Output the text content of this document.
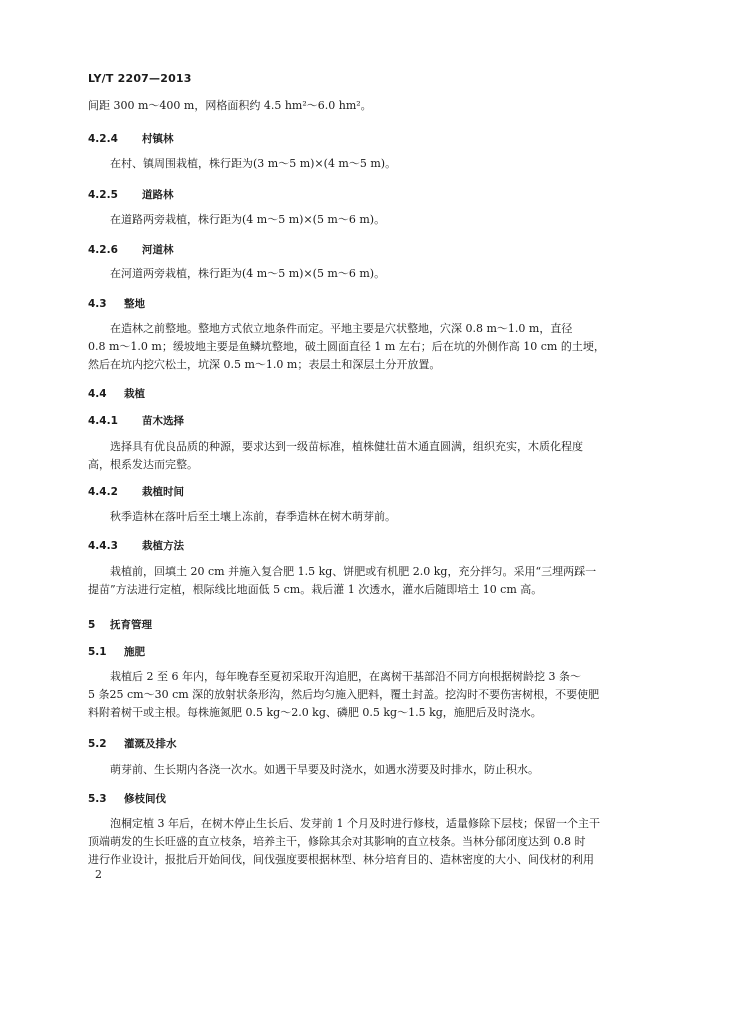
LY/T 2207—2013
间距 300 m～400 m，网格面积约 4.5 hm²～6.0 hm²。
4.2.4 村镇林
在村、镇周围栽植，株行距为(3 m～5 m)×(4 m～5 m)。
4.2.5 道路林
在道路两旁栽植，株行距为(4 m～5 m)×(5 m～6 m)。
4.2.6 河道林
在河道两旁栽植，株行距为(4 m～5 m)×(5 m～6 m)。
4.3 整地
在造林之前整地。整地方式依立地条件而定。平地主要是穴状整地，穴深 0.8 m～1.0 m，直径
0.8 m～1.0 m；缓坡地主要是鱼鳞坑整地，破土圆面直径 1 m 左右；后在坑的外侧作高 10 cm 的土埂，
然后在坑内挖穴松土，坑深 0.5 m～1.0 m；表层土和深层土分开放置。
4.4 栽植
4.4.1 苗木选择
选择具有优良品质的种源，要求达到一级苗标准，植株健壮苗木通直圆满，组织充实，木质化程度
高，根系发达而完整。
4.4.2 栽植时间
秋季造林在落叶后至土壤上冻前，春季造林在树木萌芽前。
4.4.3 栽植方法
栽植前，回填土 20 cm 并施入复合肥 1.5 kg、饼肥或有机肥 2.0 kg，充分拌匀。采用“三埋两踩一
提苗”方法进行定植，根际线比地面低 5 cm。栽后灌 1 次透水，灌水后随即培土 10 cm 高。
5 抚育管理
5.1 施肥
栽植后 2 至 6 年内，每年晚春至夏初采取开沟追肥，在离树干基部沿不同方向根据树龄挖 3 条～
5 条25 cm～30 cm 深的放射状条形沟，然后均匀施入肥料，覆土封盖。挖沟时不要伤害树根，不要使肥
料附着树干或主根。每株施氮肥 0.5 kg～2.0 kg、磷肥 0.5 kg～1.5 kg，施肥后及时浇水。
5.2 灌溉及排水
萌芽前、生长期内各浇一次水。如遇干旱要及时浇水，如遇水涝要及时排水，防止积水。
5.3 修枝间伐
泡桐定植 3 年后，在树木停止生长后、发芽前 1 个月及时进行修枝，适量修除下层枝；保留一个主干
顶端萌发的生长旺盛的直立枝条，培养主干，修除其余对其影响的直立枝条。当林分郁闭度达到 0.8 时
进行作业设计，报批后开始间伐，间伐强度要根据林型、林分培育目的、造林密度的大小、间伐材的利用
2
